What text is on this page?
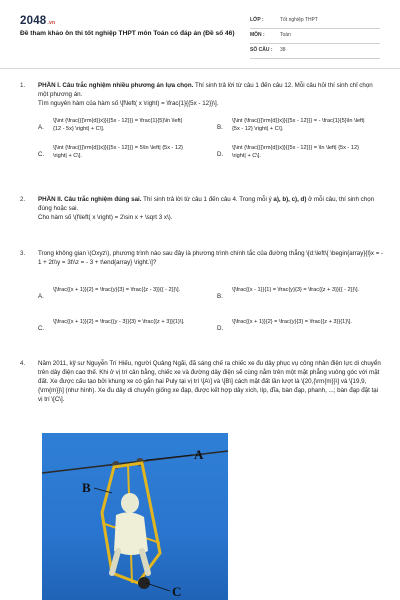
2048.vn
Đề tham khảo ôn thi tốt nghiệp THPT môn Toán có đáp án (Đề số 46)
LỚP :	Tốt nghiệp THPT
MÔN :	Toán
SỐ CÂU :	38
1. PHẦN I. Câu trắc nghiệm nhiều phương án lựa chọn. Thí sinh trả lời từ câu 1 đến câu 12. Mỗi câu hỏi thí sinh chỉ chọn một phương án.
Tìm nguyên hàm của hàm số \[f\left( x \right) = \frac{1}{{5x - 12}}\].
A.
\[\int {\frac{{{\rm{d}}x}}{{5x - 12}}} = \frac{1}{5}\ln \left| {12 - 5x} \right| + C\].	B.
\[\int {\frac{{{\rm{d}}x}}{{5x - 12}}} = - \frac{1}{5}\ln \left| {5x - 12} \right| + C\].
C.
\[\int {\frac{{{\rm{d}}x}}{{5x - 12}}} = 5\ln \left| {5x - 12} \right| + C\].	D.
\[\int {\frac{{{\rm{d}}x}}{{5x - 12}}} = \ln \left| {5x - 12} \right| + C\].
2. PHẦN II. Câu trắc nghiệm đúng sai. Thí sinh trả lời từ câu 1 đến câu 4. Trong mỗi ý a), b), c), d) ở mỗi câu, thí sinh chọn đúng hoặc sai.
Cho hàm số \(f\left( x \right) = 2\sin x + \sqrt 3 x\).
3. Trong không gian \(Oxyz\), phương trình nào sau đây là phương trình chính tắc của đường thẳng \[d:\left\{ \begin{array}{l}x = - 1 + 2t\\y = 3t\\z = - 3 + t\end{array} \right.\]?
A.
\[\frac{{x + 1}}{2} = \frac{y}{3} = \frac{{z - 3}}{{ - 2}}\].
B.
\[\frac{{x - 1}}{1} = \frac{y}{3} = \frac{{z + 3}}{{ - 2}}\].
C.
\[\frac{{x + 1}}{2} = \frac{{y - 3}}{3} = \frac{{z + 3}}{1}\].
D.
\[\frac{{x + 1}}{2} = \frac{y}{3} = \frac{{z + 3}}{1}\].
4. Năm 2011, kỹ sư Nguyễn Trí Hiếu, người Quảng Ngãi, đã sáng chế ra chiếc xe đu dây phục vụ công nhân điện lực di chuyển trên dây điện cao thế. Khi ở vị trí cân bằng, chiếc xe và đường dây điện sẽ cùng nằm trên một mặt phẳng vuông góc với mặt đất. Xe được cấu tạo bởi khung xe có gắn hai Puly tại vị trí \[A\] và \[B\] cách mặt đất lần lượt là \[20,{\rm{m}}\] và \[19,9,{\rm{m}}\] (như hình). Xe đu dây di chuyển giống xe đạp, được kết hợp dây xích, líp, đĩa, bàn đạp, phanh, ...; bàn đạp đặt tại vị trí \[C\].
A
B
C
